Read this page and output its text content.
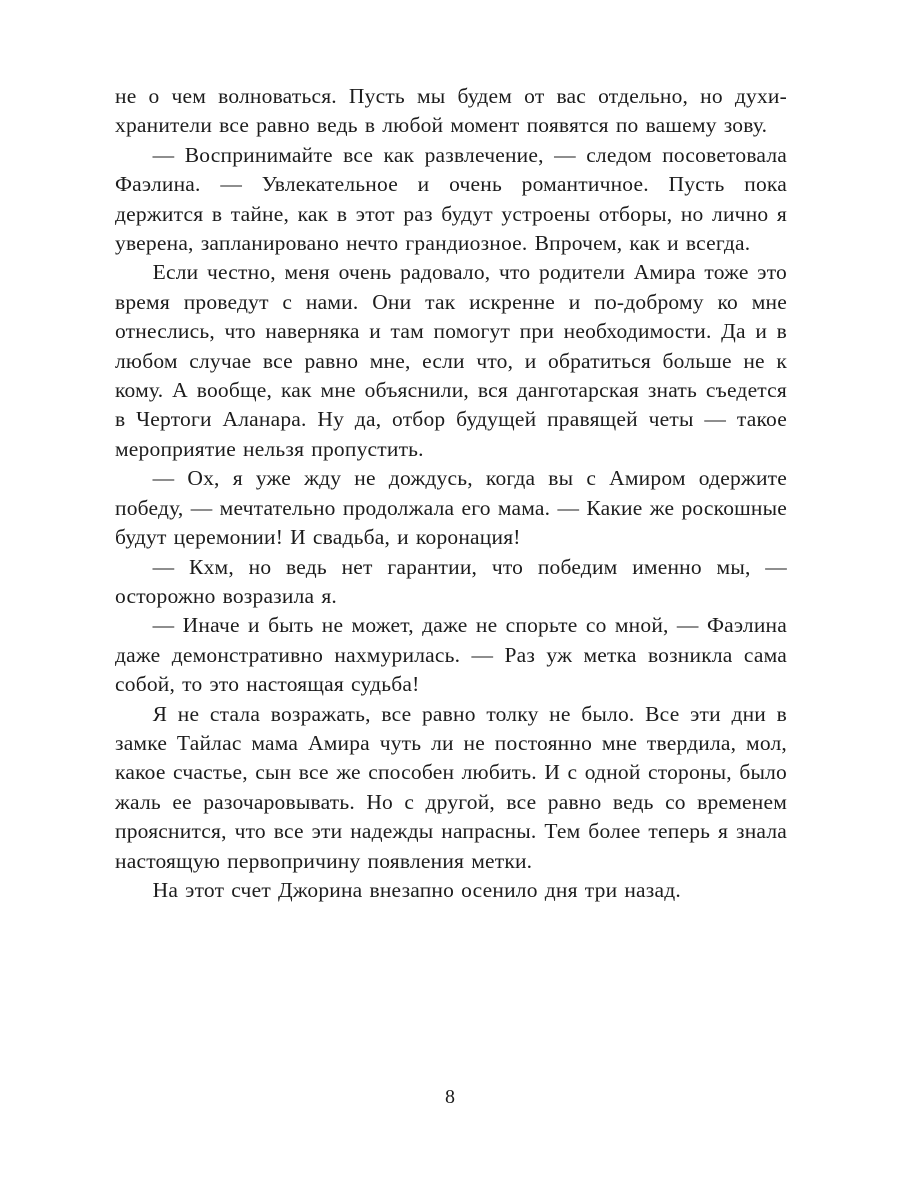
не о чем волноваться. Пусть мы будем от вас отдельно, но духи-хранители все равно ведь в любой момент появятся по вашему зову.

— Воспринимайте все как развлечение, — следом посоветовала Фаэлина. — Увлекательное и очень романтичное. Пусть пока держится в тайне, как в этот раз будут устроены отборы, но лично я уверена, запланировано нечто грандиозное. Впрочем, как и всегда.

Если честно, меня очень радовало, что родители Амира тоже это время проведут с нами. Они так искренне и по-доброму ко мне отнеслись, что наверняка и там помогут при необходимости. Да и в любом случае все равно мне, если что, и обратиться больше не к кому. А вообще, как мне объяснили, вся данготарская знать съедется в Чертоги Аланара. Ну да, отбор будущей правящей четы — такое мероприятие нельзя пропустить.

— Ох, я уже жду не дождусь, когда вы с Амиром одержите победу, — мечтательно продолжала его мама. — Какие же роскошные будут церемонии! И свадьба, и коронация!

— Кхм, но ведь нет гарантии, что победим именно мы, — осторожно возразила я.

— Иначе и быть не может, даже не спорьте со мной, — Фаэлина даже демонстративно нахмурилась. — Раз уж метка возникла сама собой, то это настоящая судьба!

Я не стала возражать, все равно толку не было. Все эти дни в замке Тайлас мама Амира чуть ли не постоянно мне твердила, мол, какое счастье, сын все же способен любить. И с одной стороны, было жаль ее разочаровывать. Но с другой, все равно ведь со временем прояснится, что все эти надежды напрасны. Тем более теперь я знала настоящую первопричину появления метки.

На этот счет Джорина внезапно осенило дня три назад.

8
